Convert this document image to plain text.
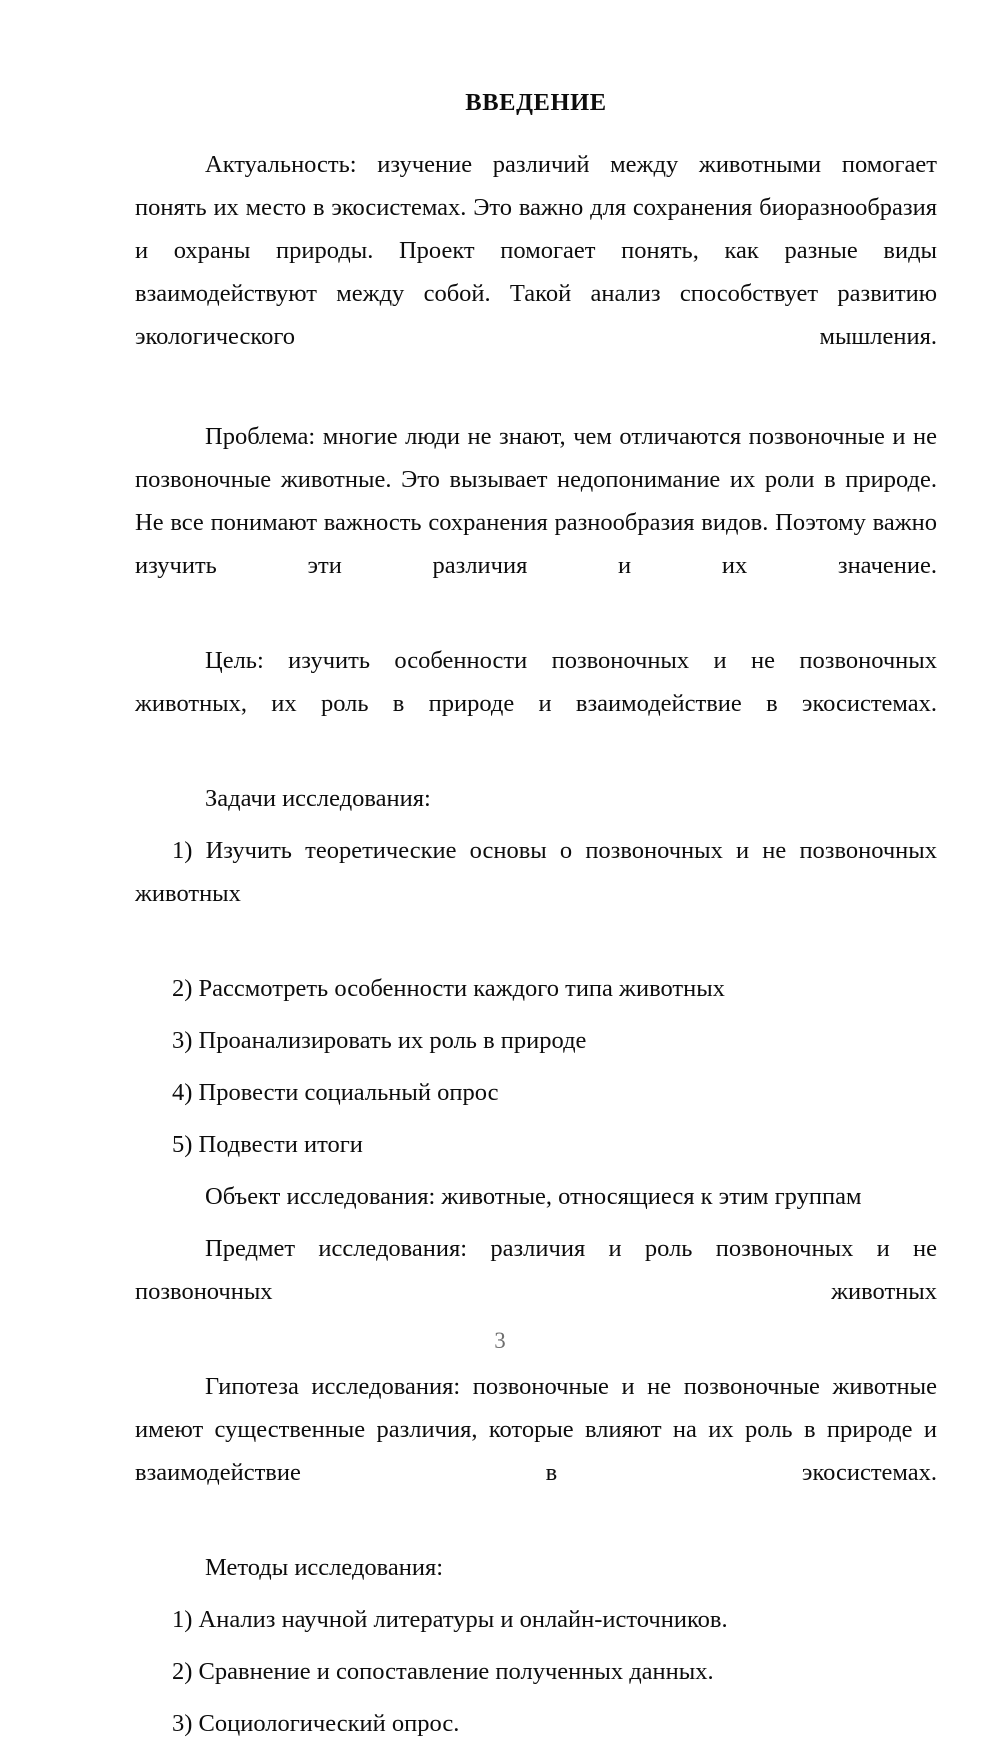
ВВЕДЕНИЕ

Актуальность: изучение различий между животными помогает понять их место в экосистемах. Это важно для сохранения биоразнообразия и охраны природы. Проект помогает понять, как разные виды взаимодействуют между собой. Такой анализ способствует развитию экологического мышления.

Проблема: многие люди не знают, чем отличаются позвоночные и не позвоночные животные. Это вызывает недопонимание их роли в природе. Не все понимают важность сохранения разнообразия видов. Поэтому важно изучить эти различия и их значение.

Цель: изучить особенности позвоночных и не позвоночных животных, их роль в природе и взаимодействие в экосистемах.

Задачи исследования:

1) Изучить теоретические основы о позвоночных и не позвоночных животных

2) Рассмотреть особенности каждого типа животных

3) Проанализировать их роль в природе

4) Провести социальный опрос

5) Подвести итоги

Объект исследования: животные, относящиеся к этим группам

Предмет исследования: различия и роль позвоночных и не позвоночных животных

Гипотеза исследования: позвоночные и не позвоночные животные имеют существенные различия, которые влияют на их роль в природе и взаимодействие в экосистемах.

Методы исследования:

1) Анализ научной литературы и онлайн-источников.

2) Сравнение и сопоставление полученных данных.

3) Социологический опрос.

3
